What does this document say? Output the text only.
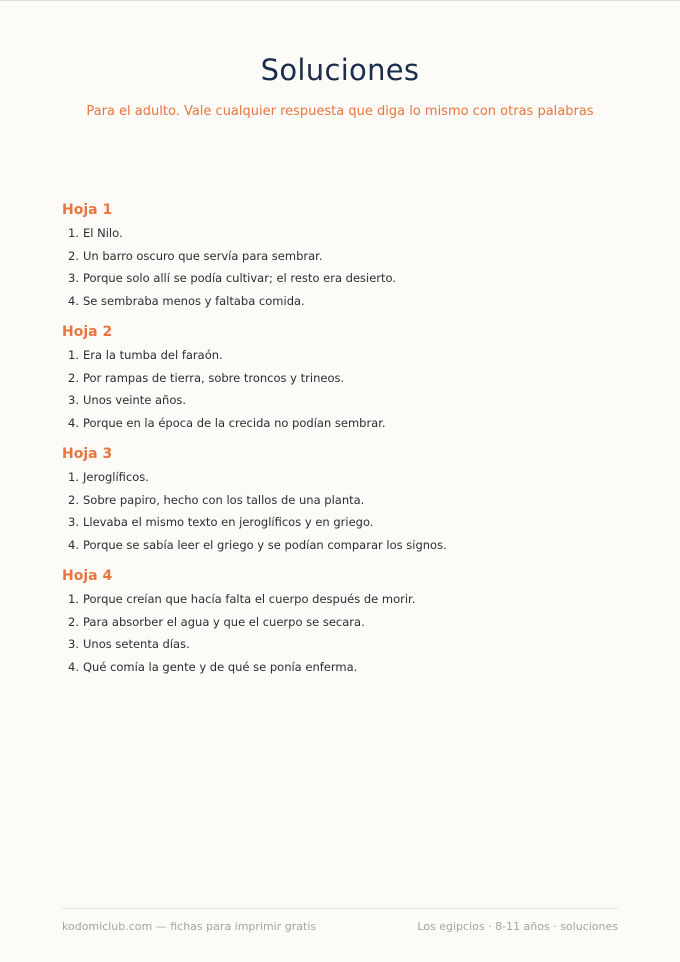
Soluciones
Para el adulto. Vale cualquier respuesta que diga lo mismo con otras palabras
Hoja 1
1. El Nilo.
2. Un barro oscuro que servía para sembrar.
3. Porque solo allí se podía cultivar; el resto era desierto.
4. Se sembraba menos y faltaba comida.
Hoja 2
1. Era la tumba del faraón.
2. Por rampas de tierra, sobre troncos y trineos.
3. Unos veinte años.
4. Porque en la época de la crecida no podían sembrar.
Hoja 3
1. Jeroglíficos.
2. Sobre papiro, hecho con los tallos de una planta.
3. Llevaba el mismo texto en jeroglíficos y en griego.
4. Porque se sabía leer el griego y se podían comparar los signos.
Hoja 4
1. Porque creían que hacía falta el cuerpo después de morir.
2. Para absorber el agua y que el cuerpo se secara.
3. Unos setenta días.
4. Qué comía la gente y de qué se ponía enferma.
kodomiclub.com — fichas para imprimir gratis	Los egipcios · 8-11 años · soluciones
